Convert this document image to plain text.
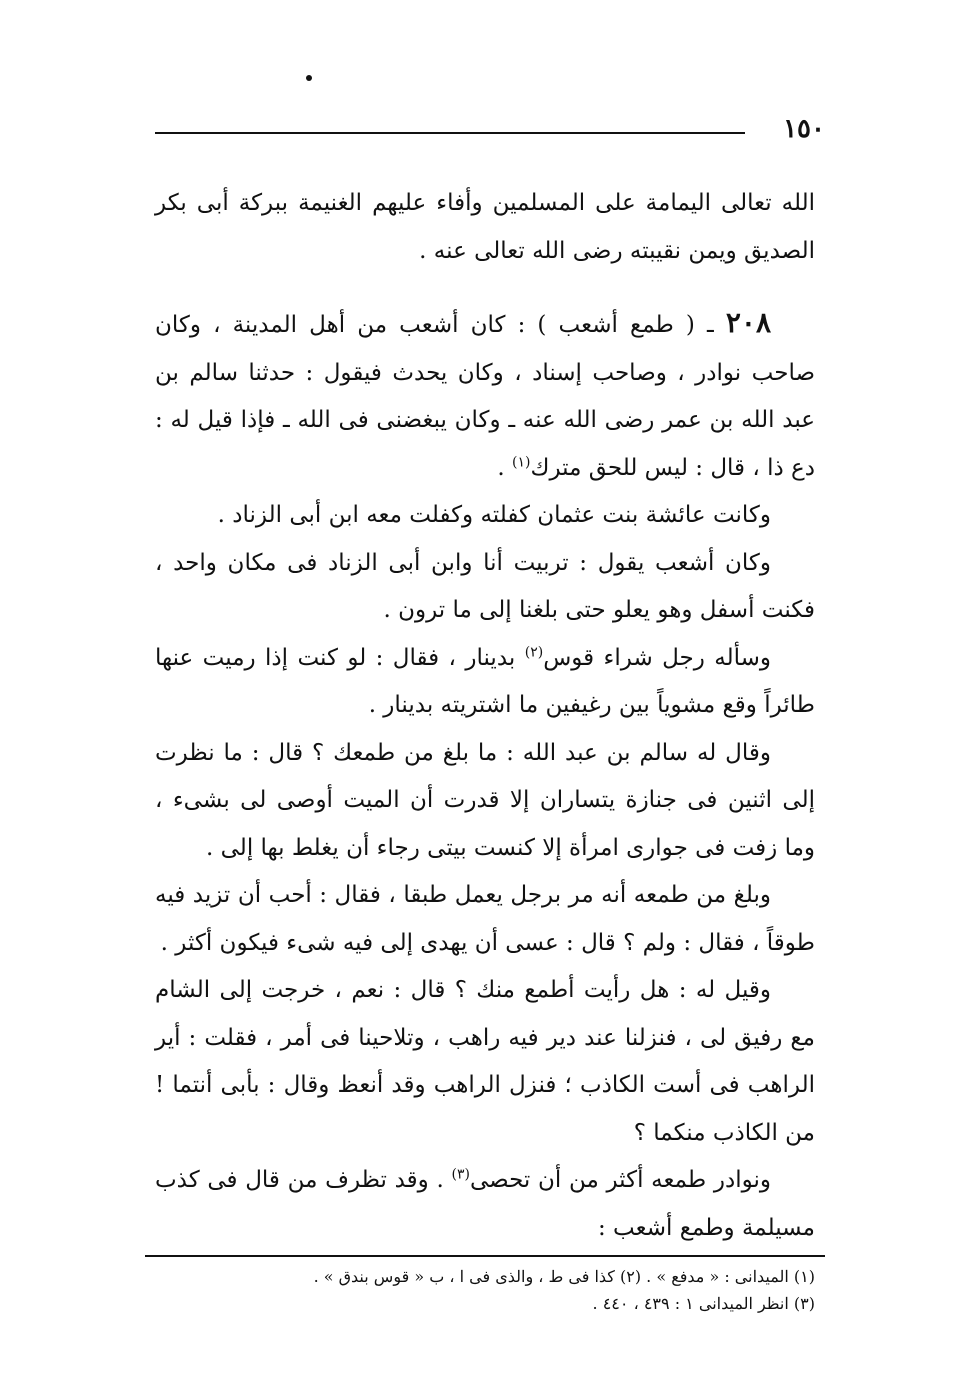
١٥٠

الله تعالى اليمامة على المسلمين وأفاء عليهم الغنيمة ببركة أبى بكر الصديق ويمن نقيبته رضى الله تعالى عنه .

٢٠٨ ـ ( طمع أشعب ) : كان أشعب من أهل المدينة ، وكان صاحب نوادر ، وصاحب إسناد ، وكان يحدث فيقول : حدثنا سالم بن عبد الله بن عمر رضى الله عنه ـ وكان يبغضنى فى الله ـ فإذا قيل له : دع ذا ، قال : ليس للحق مترك$^{(١)}$ .

وكانت عائشة بنت عثمان كفلته وكفلت معه ابن أبى الزناد .

وكان أشعب يقول : تربيت أنا وابن أبى الزناد فى مكان واحد ، فكنت أسفل وهو يعلو حتى بلغنا إلى ما ترون .

وسأله رجل شراء قوس$^{(٢)}$ بدينار ، فقال : لو كنت إذا رميت عنها طائراً وقع مشوياً بين رغيفين ما اشتريته بدينار .

وقال له سالم بن عبد الله : ما بلغ من طمعك ؟ قال : ما نظرت إلى اثنين فى جنازة يتساران إلا قدرت أن الميت أوصى لى بشىء ، وما زفت فى جوارى امرأة إلا كنست بيتى رجاء أن يغلط بها إلى .

وبلغ من طمعه أنه مر برجل يعمل طبقا ، فقال : أحب أن تزيد فيه طوقاً ، فقال : ولم ؟ قال : عسى أن يهدى إلى فيه شىء فيكون أكثر .

وقيل له : هل رأيت أطمع منك ؟ قال : نعم ، خرجت إلى الشام مع رفيق لى ، فنزلنا عند دير فيه راهب ، وتلاحينا فى أمر ، فقلت : أير الراهب فى أست الكاذب ؛ فنزل الراهب وقد أنعظ وقال : بأبى أنتما ! من الكاذب منكما ؟

ونوادر طمعه أكثر من أن تحصى$^{(٣)}$ . وقد تظرف من قال فى كذب مسيلمة وطمع أشعب :

(١) الميدانى : « مدفع » . (٢) كذا فى ط ، والذى فى ا ، ب « قوس بندق » .

(٣) انظر الميدانى ١ : ٤٣٩ ، ٤٤٠ .
